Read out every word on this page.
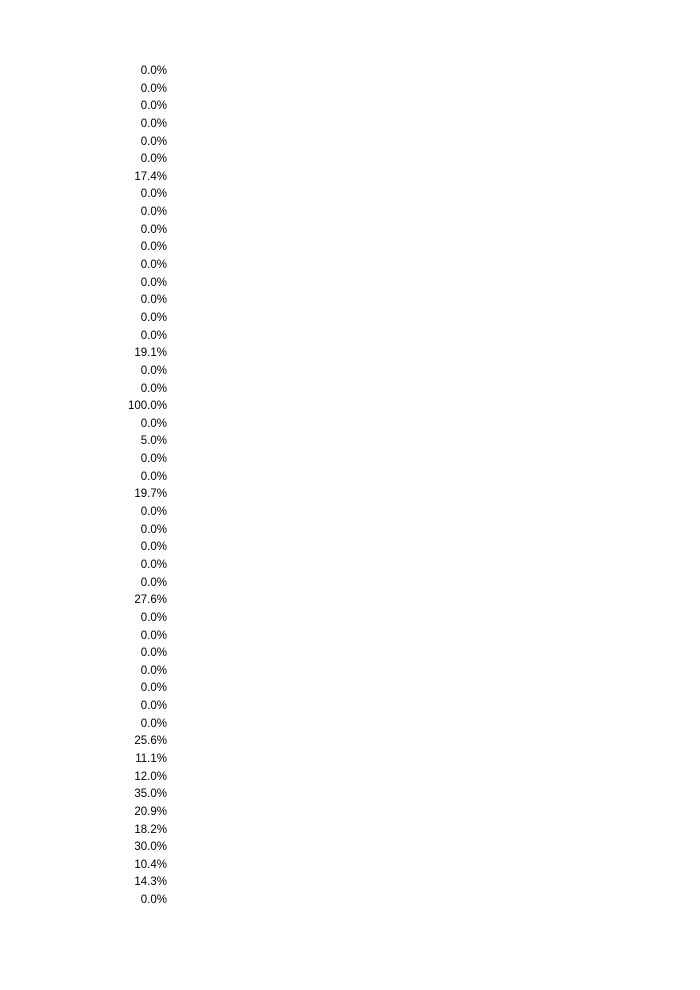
0.0%
0.0%
0.0%
0.0%
0.0%
0.0%
17.4%
0.0%
0.0%
0.0%
0.0%
0.0%
0.0%
0.0%
0.0%
0.0%
19.1%
0.0%
0.0%
100.0%
0.0%
5.0%
0.0%
0.0%
19.7%
0.0%
0.0%
0.0%
0.0%
0.0%
27.6%
0.0%
0.0%
0.0%
0.0%
0.0%
0.0%
0.0%
25.6%
11.1%
12.0%
35.0%
20.9%
18.2%
30.0%
10.4%
14.3%
0.0%
